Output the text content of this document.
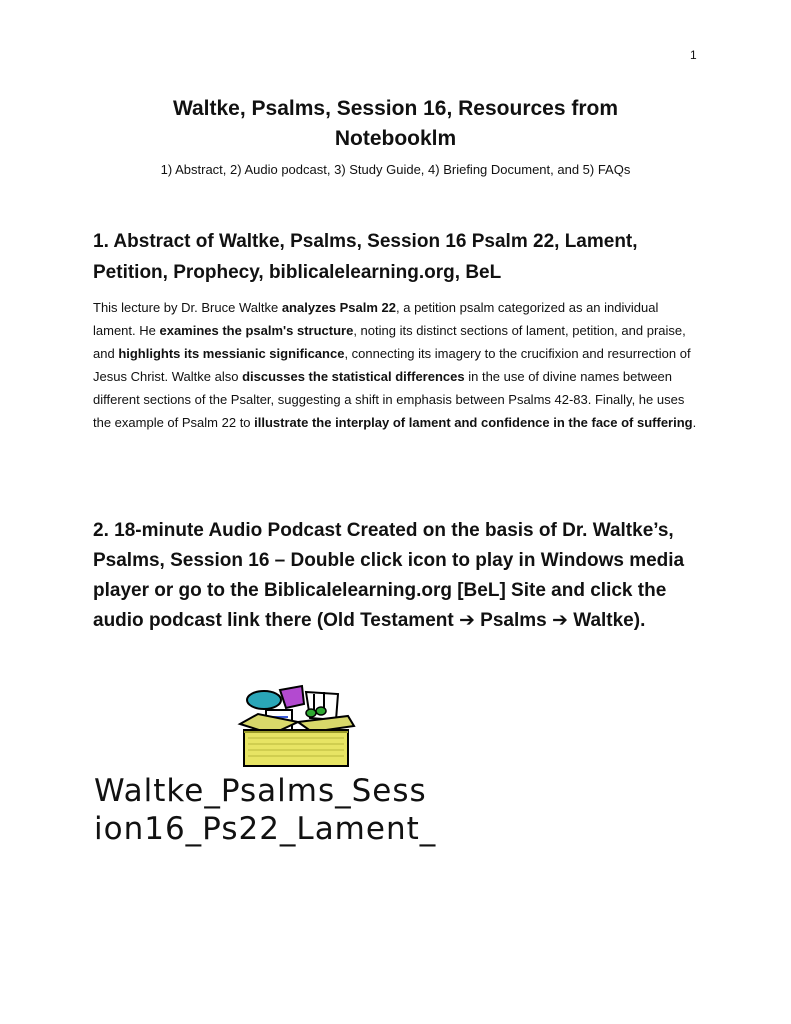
1
Waltke, Psalms, Session 16, Resources from
Notebooklm

1) Abstract, 2) Audio podcast, 3) Study Guide, 4) Briefing Document, and 5) FAQs

1. Abstract of Waltke, Psalms, Session 16 Psalm 22, Lament, Petition, Prophecy, biblicalelearning.org, BeL

This lecture by Dr. Bruce Waltke analyzes Psalm 22, a petition psalm categorized as an individual lament. He examines the psalm's structure, noting its distinct sections of lament, petition, and praise, and highlights its messianic significance, connecting its imagery to the crucifixion and resurrection of Jesus Christ. Waltke also discusses the statistical differences in the use of divine names between different sections of the Psalter, suggesting a shift in emphasis between Psalms 42-83. Finally, he uses the example of Psalm 22 to illustrate the interplay of lament and confidence in the face of suffering.

2. 18-minute Audio Podcast Created on the basis of Dr. Waltke’s, Psalms, Session 16 – Double click icon to play in Windows media player or go to the Biblicalelearning.org [BeL] Site and click the audio podcast link there (Old Testament ➔ Psalms ➔ Waltke).

Waltke_Psalms_Sess
ion16_Ps22_Lament_
